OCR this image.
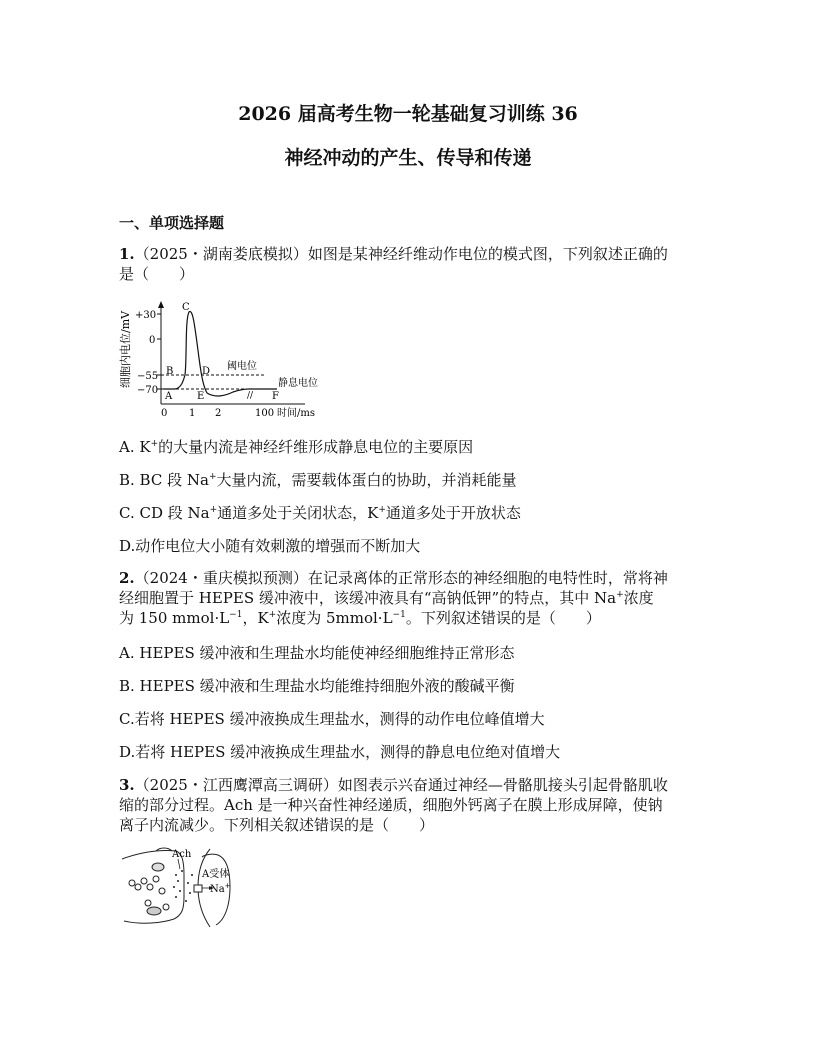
2026 届高考生物一轮基础复习训练 36
神经冲动的产生、传导和传递
一、单项选择题
1.（2025・湖南娄底模拟）如图是某神经纤维动作电位的模式图，下列叙述正确的
是（　　）
细胞内电位/mV
//
+30
0
−55
−70
0 1 2	100 时间/ms
A
B
C
D
E	F
阈电位
静息电位
A. K+的大量内流是神经纤维形成静息电位的主要原因
B. BC 段 Na+大量内流，需要载体蛋白的协助，并消耗能量
C. CD 段 Na+通道多处于关闭状态，K+通道多处于开放状态
D.动作电位大小随有效刺激的增强而不断加大
2.（2024・重庆模拟预测）在记录离体的正常形态的神经细胞的电特性时，常将神
经细胞置于 HEPES 缓冲液中，该缓冲液具有“高钠低钾”的特点，其中 Na+浓度
为 150 $mmol\cdot L^{-1}$，K+浓度为 $5mmol\cdot L^{-1}$。下列叙述错误的是（　　）
A. HEPES 缓冲液和生理盐水均能使神经细胞维持正常形态
B. HEPES 缓冲液和生理盐水均能维持细胞外液的酸碱平衡
C.若将 HEPES 缓冲液换成生理盐水，测得的动作电位峰值增大
D.若将 HEPES 缓冲液换成生理盐水，测得的静息电位绝对值增大
3.（2025・江西鹰潭高三调研）如图表示兴奋通过神经—骨骼肌接头引起骨骼肌收
缩的部分过程。Ach 是一种兴奋性神经递质，细胞外钙离子在膜上形成屏障，使钠
离子内流减少。下列相关叙述错误的是（　　）
Ach
A受体
Na+
